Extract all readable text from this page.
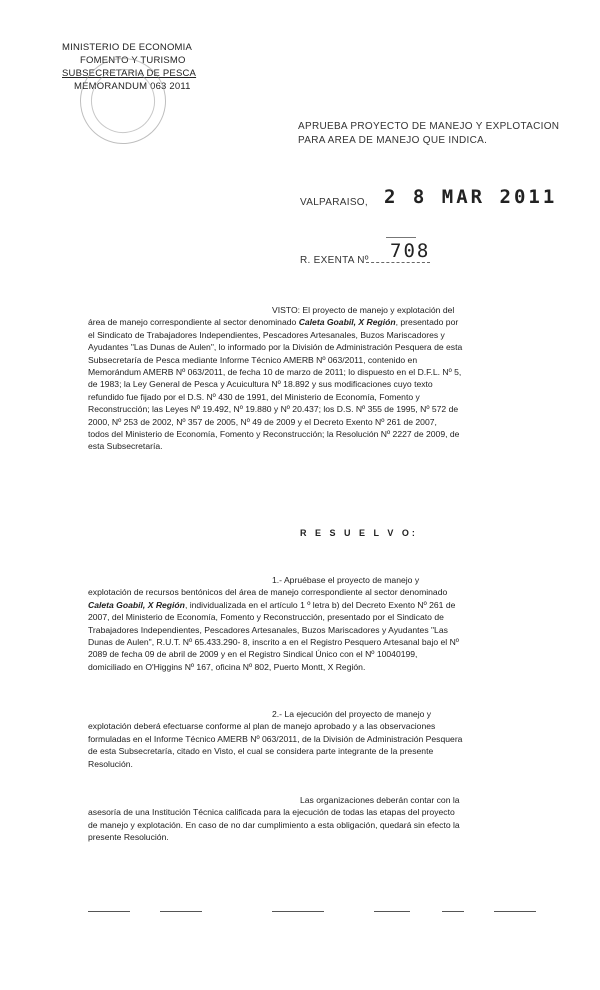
MINISTERIO DE ECONOMIA
FOMENTO Y TURISMO
SUBSECRETARIA DE PESCA
MEMORANDUM 063 2011
APRUEBA PROYECTO DE MANEJO Y EXPLOTACION
PARA AREA DE MANEJO QUE INDICA.
VALPARAISO, 2 8 MAR 2011
R. EXENTA Nº 708
VISTO: El proyecto de manejo y explotación del
área de manejo correspondiente al sector denominado Caleta Goabil, X Región, presentado por
el Sindicato de Trabajadores Independientes, Pescadores Artesanales, Buzos Mariscadores y
Ayudantes "Las Dunas de Aulen", lo informado por la División de Administración Pesquera de esta
Subsecretaría de Pesca mediante Informe Técnico AMERB Nº 063/2011, contenido en
Memorándum AMERB Nº 063/2011, de fecha 10 de marzo de 2011; lo dispuesto en el D.F.L. Nº 5,
de 1983; la Ley General de Pesca y Acuicultura Nº 18.892 y sus modificaciones cuyo texto
refundido fue fijado por el D.S. Nº 430 de 1991, del Ministerio de Economía, Fomento y
Reconstrucción; las Leyes Nº 19.492, Nº 19.880 y Nº 20.437; los D.S. Nº 355 de 1995, Nº 572 de
2000, Nº 253 de 2002, Nº 357 de 2005, Nº 49 de 2009 y el Decreto Exento Nº 261 de 2007,
todos del Ministerio de Economía, Fomento y Reconstrucción; la Resolución Nº 2227 de 2009, de
esta Subsecretaría.
R E S U E L V O:
1.- Apruébase el proyecto de manejo y
explotación de recursos bentónicos del área de manejo correspondiente al sector denominado
Caleta Goabil, X Región, individualizada en el artículo 1 º letra b) del Decreto Exento Nº 261 de
2007, del Ministerio de Economía, Fomento y Reconstrucción, presentado por el Sindicato de
Trabajadores Independientes, Pescadores Artesanales, Buzos Mariscadores y Ayudantes "Las
Dunas de Aulen", R.U.T. Nº 65.433.290- 8, inscrito a en el Registro Pesquero Artesanal bajo el Nº
2089 de fecha 09 de abril de 2009 y en el Registro Sindical Único con el Nº 10040199,
domiciliado en O'Higgins Nº 167, oficina Nº 802, Puerto Montt, X Región.
2.- La ejecución del proyecto de manejo y
explotación deberá efectuarse conforme al plan de manejo aprobado y a las observaciones
formuladas en el Informe Técnico AMERB Nº 063/2011, de la División de Administración Pesquera
de esta Subsecretaría, citado en Visto, el cual se considera parte integrante de la presente
Resolución.
Las organizaciones deberán contar con la
asesoría de una Institución Técnica calificada para la ejecución de todas las etapas del proyecto
de manejo y explotación. En caso de no dar cumplimiento a esta obligación, quedará sin efecto la
presente Resolución.
